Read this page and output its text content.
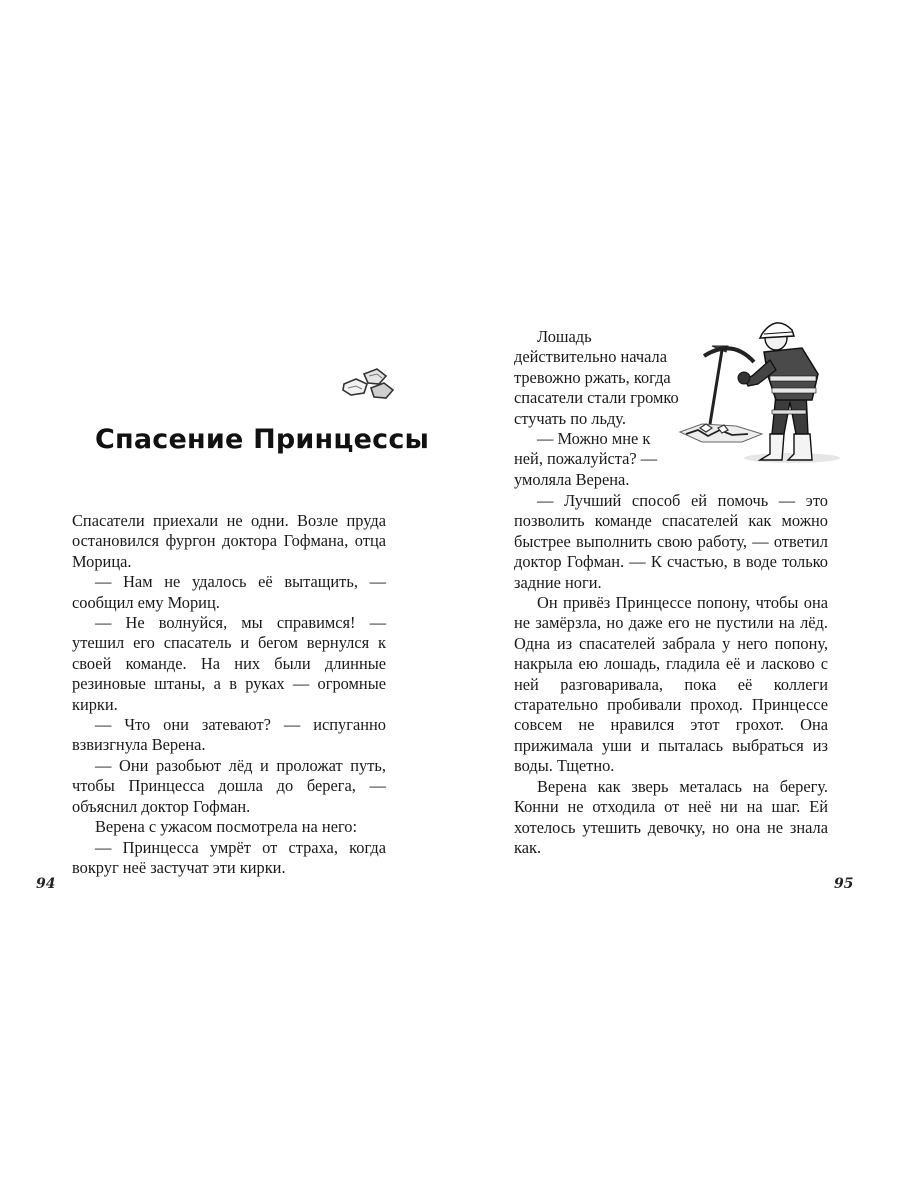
Спасение Принцессы

Спасатели приехали не одни. Возле пруда остановился фургон доктора Гофмана, отца Морица.

— Нам не удалось её вытащить, — сообщил ему Мориц.

— Не волнуйся, мы справимся! — утешил его спасатель и бегом вернулся к своей команде. На них были длинные резиновые штаны, а в руках — огромные кирки.

— Что они затевают? — испуганно взвизгнула Верена.

— Они разобьют лёд и проложат путь, чтобы Принцесса дошла до берега, — объяснил доктор Гофман.

Верена с ужасом посмотрела на него:

— Принцесса умрёт от страха, когда вокруг неё застучат эти кирки.

94

Лошадь действительно начала тревожно ржать, когда спасатели стали громко стучать по льду.

— Можно мне к ней, пожалуйста? — умоляла Верена.

— Лучший способ ей помочь — это позволить команде спасателей как можно быстрее выполнить свою работу, — ответил доктор Гофман. — К счастью, в воде только задние ноги.

Он привёз Принцессе попону, чтобы она не замёрзла, но даже его не пустили на лёд. Одна из спасателей забрала у него попону, накрыла ею лошадь, гладила её и ласково с ней разговаривала, пока её коллеги старательно пробивали проход. Принцессе совсем не нравился этот грохот. Она прижимала уши и пыталась выбраться из воды. Тщетно.

Верена как зверь металась на берегу. Конни не отходила от неё ни на шаг. Ей хотелось утешить девочку, но она не знала как.

95
